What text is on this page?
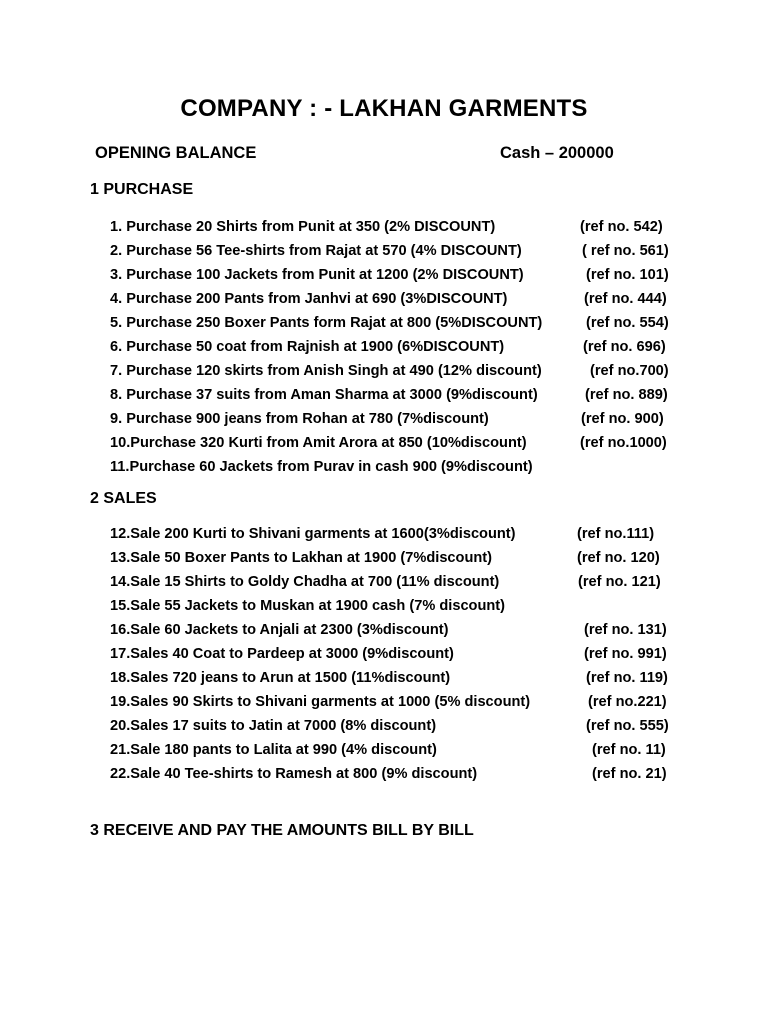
COMPANY : - LAKHAN GARMENTS
OPENING BALANCE	Cash – 200000
1 PURCHASE
1. Purchase 20 Shirts from Punit at 350 (2% DISCOUNT)	(ref no. 542)
2. Purchase 56 Tee-shirts from Rajat at 570 (4% DISCOUNT)	( ref no. 561)
3. Purchase 100 Jackets from Punit at 1200 (2% DISCOUNT)	(ref no. 101)
4. Purchase 200 Pants from Janhvi at 690 (3%DISCOUNT)	(ref no. 444)
5. Purchase 250 Boxer Pants form Rajat at 800 (5%DISCOUNT)	(ref no. 554)
6. Purchase 50 coat from Rajnish at 1900 (6%DISCOUNT)	(ref no. 696)
7. Purchase 120 skirts from Anish Singh at 490 (12% discount)	(ref no.700)
8. Purchase 37 suits from Aman Sharma at 3000 (9%discount)	(ref no. 889)
9. Purchase 900 jeans from Rohan at 780 (7%discount)	(ref no. 900)
10.Purchase 320 Kurti from Amit Arora at 850 (10%discount)	(ref no.1000)
11.Purchase 60 Jackets from Purav in cash 900 (9%discount)
2 SALES
12.Sale 200 Kurti to Shivani garments at 1600(3%discount)	(ref no.111)
13.Sale 50 Boxer Pants to Lakhan at 1900 (7%discount)	(ref no. 120)
14.Sale 15 Shirts to Goldy Chadha at 700 (11% discount)	(ref no. 121)
15.Sale 55 Jackets to Muskan at 1900 cash (7% discount)
16.Sale 60 Jackets to Anjali at 2300 (3%discount)	(ref no. 131)
17.Sales 40 Coat to Pardeep at 3000 (9%discount)	(ref no. 991)
18.Sales 720 jeans to Arun at 1500 (11%discount)	(ref no. 119)
19.Sales 90 Skirts to Shivani garments at 1000 (5% discount)	(ref no.221)
20.Sales 17 suits to Jatin at 7000 (8% discount)	(ref no. 555)
21.Sale 180 pants to Lalita at 990 (4% discount)	(ref no. 11)
22.Sale 40 Tee-shirts to Ramesh at 800 (9% discount)	(ref no. 21)
3 RECEIVE AND PAY THE AMOUNTS BILL BY BILL
